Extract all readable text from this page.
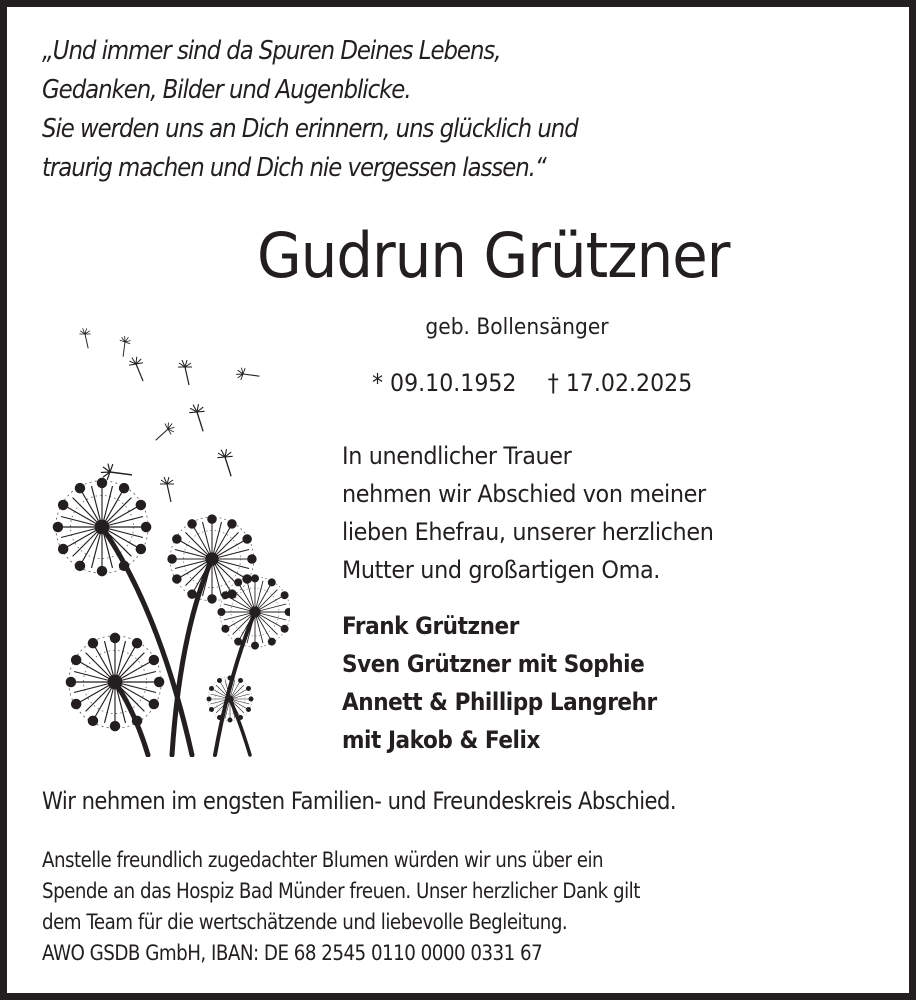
„Und immer sind da Spuren Deines Lebens,
Gedanken, Bilder und Augenblicke.
Sie werden uns an Dich erinnern, uns glücklich und
traurig machen und Dich nie vergessen lassen.“
Gudrun Grützner
geb. Bollensänger
* 09.10.1952 † 17.02.2025
In unendlicher Trauer
nehmen wir Abschied von meiner
lieben Ehefrau, unserer herzlichen
Mutter und großartigen Oma.
Frank Grützner
Sven Grützner mit Sophie
Annett & Phillipp Langrehr
mit Jakob & Felix
Wir nehmen im engsten Familien- und Freundeskreis Abschied.
Anstelle freundlich zugedachter Blumen würden wir uns über ein
Spende an das Hospiz Bad Münder freuen. Unser herzlicher Dank gilt
dem Team für die wertschätzende und liebevolle Begleitung.
AWO GSDB GmbH, IBAN: DE 68 2545 0110 0000 0331 67
